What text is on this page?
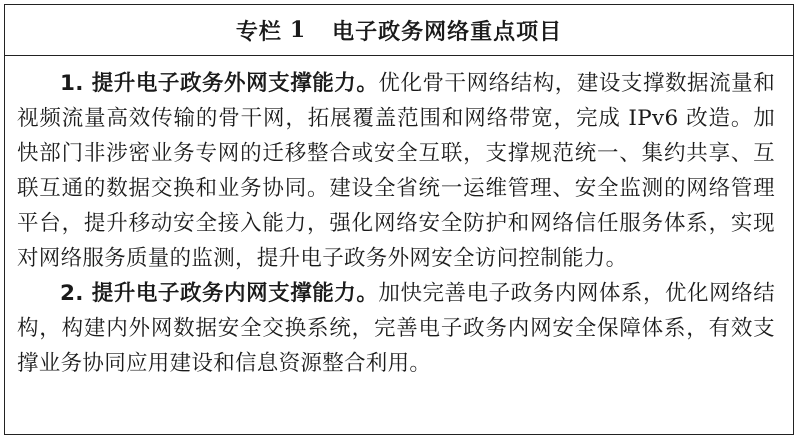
专栏 1 电子政务网络重点项目

1. 提升电子政务外网支撑能力。优化骨干网络结构，建设支撑数据流量和视频流量高效传输的骨干网，拓展覆盖范围和网络带宽，完成 IPv6 改造。加快部门非涉密业务专网的迁移整合或安全互联，支撑规范统一、集约共享、互联互通的数据交换和业务协同。建设全省统一运维管理、安全监测的网络管理平台，提升移动安全接入能力，强化网络安全防护和网络信任服务体系，实现对网络服务质量的监测，提升电子政务外网安全访问控制能力。

2. 提升电子政务内网支撑能力。加快完善电子政务内网体系，优化网络结构，构建内外网数据安全交换系统，完善电子政务内网安全保障体系，有效支撑业务协同应用建设和信息资源整合利用。
